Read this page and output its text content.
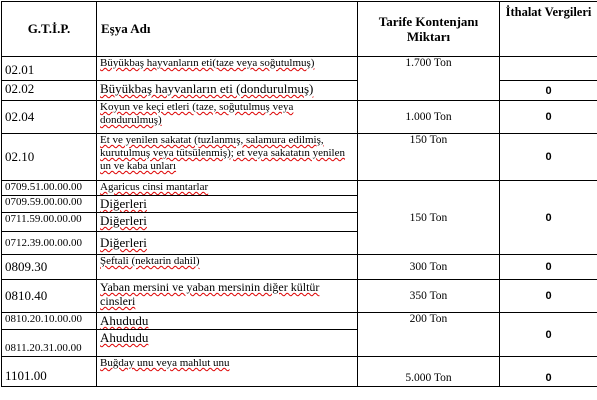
G.T.İ.P.	Eşya Adı	Tarife Kontenjanı Miktarı	İthalat Vergileri
02.01	Büyükbaş hayvanların eti(taze veya soğutulmuş)	1.700 Ton	
02.02	Büyükbaş hayvanların eti (dondurulmuş)		0
02.04	Koyun ve keçi etleri (taze, soğutulmuş veya dondurulmuş)	1.000 Ton	0
02.10	Et ve yenilen sakatat (tuzlanmış, salamura edilmiş, kurutulmuş veya tütsülenmiş); et veya sakatatın yenilen un ve kaba unları	150 Ton	0
0709.51.00.00.00	Agaricus cinsi mantarlar	150 Ton	0
0709.59.00.00.00	Diğerleri		
0711.59.00.00.00	Diğerleri		
0712.39.00.00.00	Diğerleri		
0809.30	Şeftali (nektarin dahil)	300 Ton	0
0810.40	Yaban mersini ve yaban mersinin diğer kültür cinsleri	350 Ton	0
0810.20.10.00.00	Ahududu	200 Ton	0
0811.20.31.00.00	Ahududu		
1101.00	Buğday unu veya mahlut unu	5.000 Ton	0
